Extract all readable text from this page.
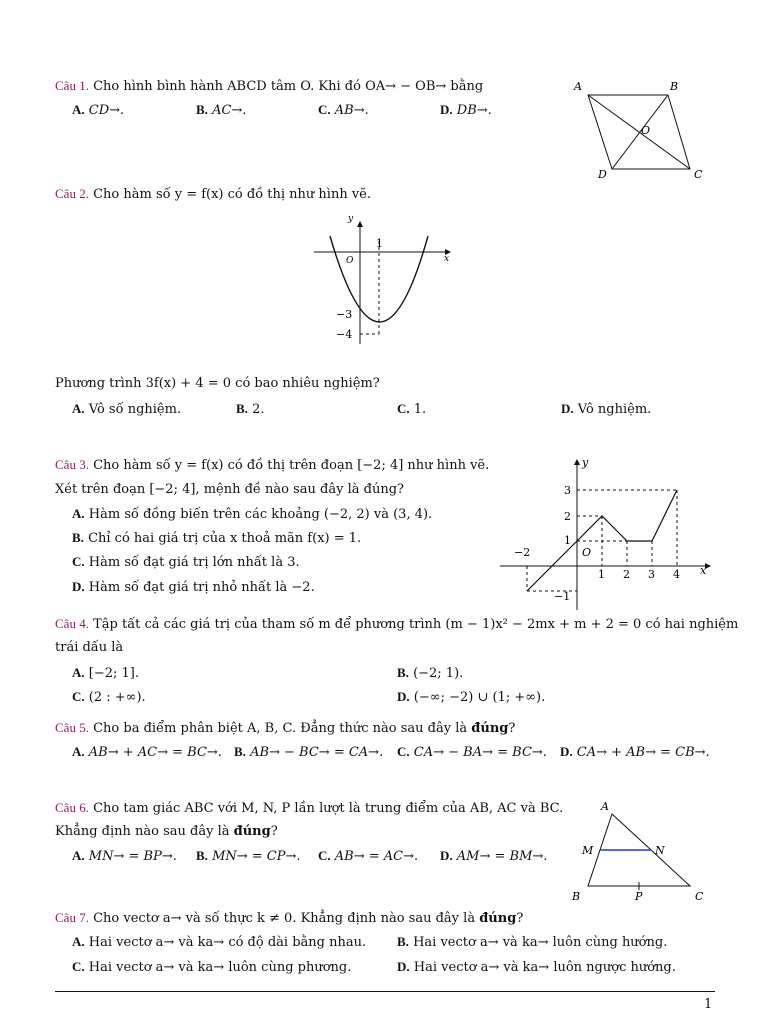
Câu 1. Cho hình bình hành ABCD tâm O. Khi đó OA→ − OB→ bằng
A. CD→.	B. AC→.	C. AB→.	D. DB→.
A	B
C
D
O
Câu 2. Cho hàm số y = f(x) có đồ thị như hình vẽ.
y
x
O
1
−3
−4
Phương trình 3f(x) + 4 = 0 có bao nhiêu nghiệm?
A. Vô số nghiệm.	B. 2.	C. 1.	D. Vô nghiệm.
Câu 3. Cho hàm số y = f(x) có đồ thị trên đoạn [−2; 4] như hình vẽ.
Xét trên đoạn [−2; 4], mệnh đề nào sau đây là đúng?
A. Hàm số đồng biến trên các khoảng (−2, 2) và (3, 4).
B. Chỉ có hai giá trị của x thoả mãn f(x) = 1.
C. Hàm số đạt giá trị lớn nhất là 3.
D. Hàm số đạt giá trị nhỏ nhất là −2.
y
x
O
−2
1 2 3 4
3
2
1
−1
Câu 4. Tập tất cả các giá trị của tham số m để phương trình (m − 1)x² − 2mx + m + 2 = 0 có hai nghiệm
trái dấu là
A. [−2; 1].	B. (−2; 1).
C. (2 : +∞).	D. (−∞; −2) ∪ (1; +∞).
Câu 5. Cho ba điểm phân biệt A, B, C. Đẳng thức nào sau đây là đúng?
A. AB→ + AC→ = BC→. B. AB→ − BC→ = CA→. C. CA→ − BA→ = BC→. D. CA→ + AB→ = CB→.
Câu 6. Cho tam giác ABC với M, N, P lần lượt là trung điểm của AB, AC và BC.
Khẳng định nào sau đây là đúng?
A. MN→ = BP→. B. MN→ = CP→. C. AB→ = AC→. D. AM→ = BM→.
A
M	N
B	P	C
Câu 7. Cho vectơ a→ và số thực k ≠ 0. Khẳng định nào sau đây là đúng?
A. Hai vectơ a→ và ka→ có độ dài bằng nhau. B. Hai vectơ a→ và ka→ luôn cùng hướng.
C. Hai vectơ a→ và ka→ luôn cùng phương.	D. Hai vectơ a→ và ka→ luôn ngược hướng.
1
